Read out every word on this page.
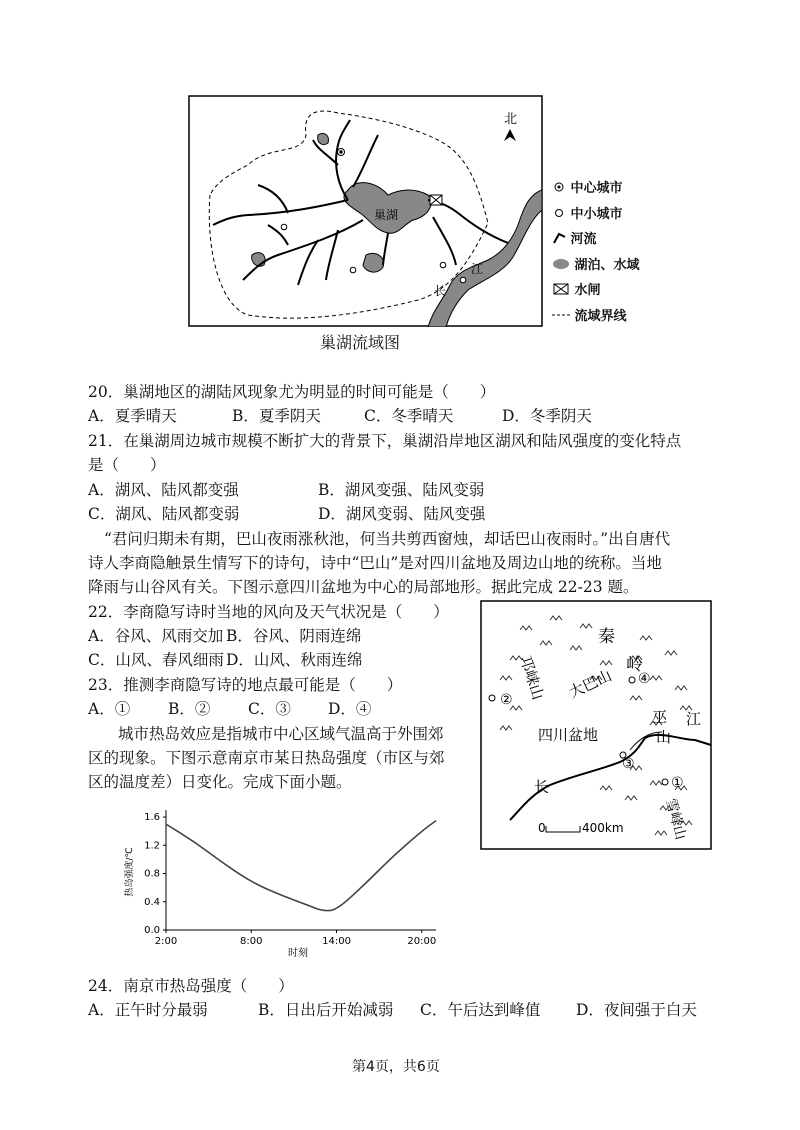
北
巢湖
长
江
中心城市
中小城市
河流
湖泊、水域
水闸
流域界线
巢湖流域图
20．巢湖地区的湖陆风现象尤为明显的时间可能是（　　）
A．夏季晴天	B．夏季阴天	C．冬季晴天	D．冬季阴天
21．在巢湖周边城市规模不断扩大的背景下，巢湖沿岸地区湖风和陆风强度的变化特点
是（　　）
A．湖风、陆风都变强	B．湖风变强、陆风变弱
C．湖风、陆风都变弱	D．湖风变弱、陆风变强
“君问归期未有期，巴山夜雨涨秋池，何当共剪西窗烛，却话巴山夜雨时。”出自唐代
诗人李商隐触景生情写下的诗句，诗中“巴山”是对四川盆地及周边山地的统称。当地
降雨与山谷风有关。下图示意四川盆地为中心的局部地形。据此完成 22-23 题。
22．李商隐写诗时当地的风向及天气状况是（　　）
A．谷风、风雨交加 B．谷风、阴雨连绵
C．山风、春风细雨 D．山风、秋雨连绵
23．推测李商隐写诗的地点最可能是（　　）
A．① B．② C．③ D．④	②
③
①
④
秦
岭
邛崃山 大巴山
四川盆地
巫
山
江
长
雪峰山
0	400km
城市热岛效应是指城市中心区域气温高于外围郊
区的现象。下图示意南京市某日热岛强度（市区与郊
区的温度差）日变化。完成下面小题。
0.0
0.4
0.8
1.2
1.6
2:00	8:00	14:00	20:00
热岛强度/℃
时刻
24．南京市热岛强度（　　）
A．正午时分最弱	B．日出后开始减弱 C．午后达到峰值 D．夜间强于白天
第4页，共6页
